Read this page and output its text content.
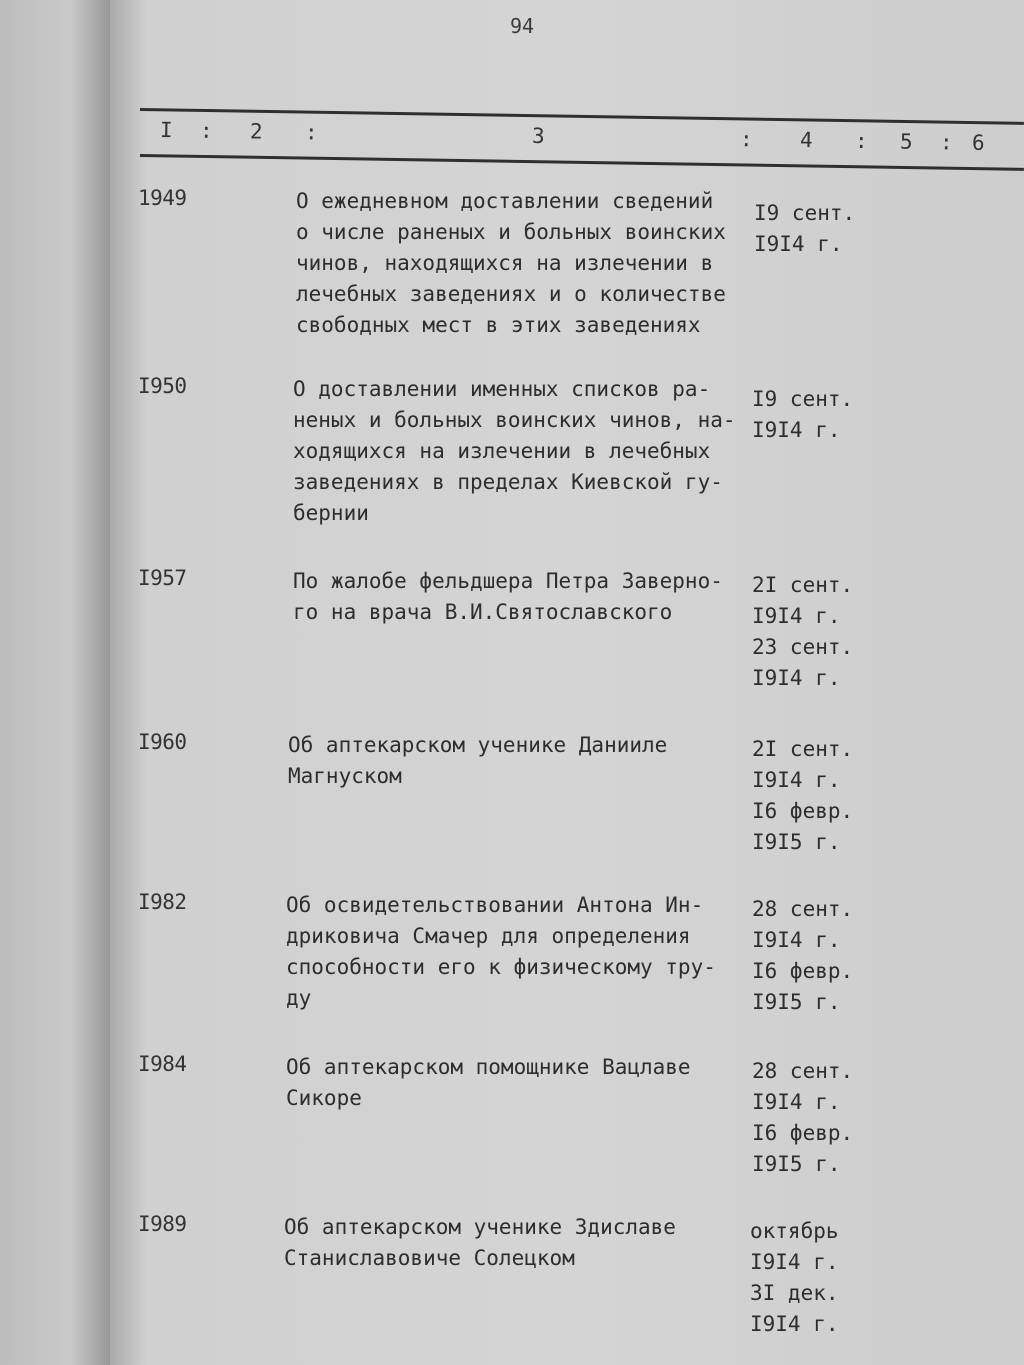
94
I : 2 :	3	: 4 : 5 : 6
1949	О ежедневном доставлении сведений
о числе раненых и больных воинских
чинов, находящихся на излечении в
лечебных заведениях и о количестве
свободных мест в этих заведениях
I9 сент.
I9I4 г.
I950	О доставлении именных списков ра-
неных и больных воинских чинов, на-
ходящихся на излечении в лечебных
заведениях в пределах Киевской гу-
бернии
I9 сент.
I9I4 г.
I957	По жалобе фельдшера Петра Заверно-
го на врача В.И.Святославского
2I сент.
I9I4 г.
23 сент.
I9I4 г.
I960	Об аптекарском ученике Данииле
Магнуском
2I сент.
I9I4 г.
I6 февр.
I9I5 г.
I982	Об освидетельствовании Антона Ин-
дриковича Смачер для определения
способности его к физическому тру-
ду
28 сент.
I9I4 г.
I6 февр.
I9I5 г.
I984	Об аптекарском помощнике Вацлаве
Сикоре
28 сент.
I9I4 г.
I6 февр.
I9I5 г.
I989	Об аптекарском ученике Здиславе
Станиславовиче Солецком
октябрь
I9I4 г.
3I дек.
I9I4 г.
